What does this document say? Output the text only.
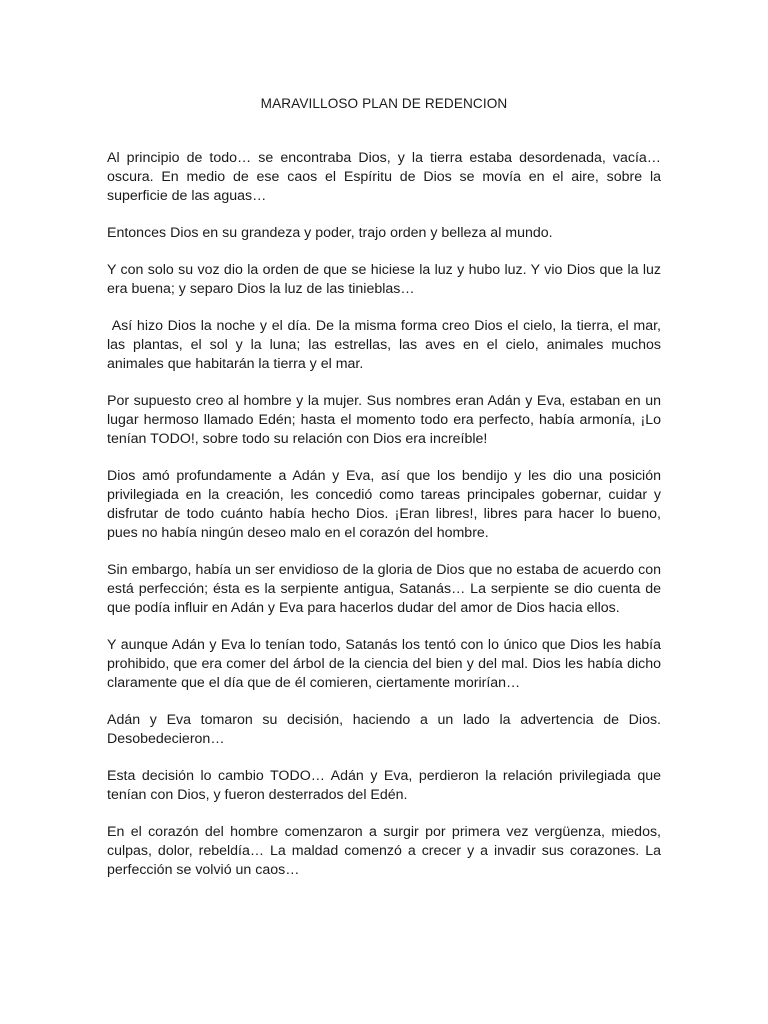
MARAVILLOSO PLAN DE REDENCION

Al principio de todo… se encontraba Dios, y la tierra estaba desordenada, vacía… oscura. En medio de ese caos el Espíritu de Dios se movía en el aire, sobre la superficie de las aguas…

Entonces Dios en su grandeza y poder, trajo orden y belleza al mundo.

Y con solo su voz dio la orden de que se hiciese la luz y hubo luz. Y vio Dios que la luz era buena; y separo Dios la luz de las tinieblas…

Así hizo Dios la noche y el día. De la misma forma creo Dios el cielo, la tierra, el mar, las plantas, el sol y la luna; las estrellas, las aves en el cielo, animales muchos animales que habitarán la tierra y el mar.

Por supuesto creo al hombre y la mujer. Sus nombres eran Adán y Eva, estaban en un lugar hermoso llamado Edén; hasta el momento todo era perfecto, había armonía, ¡Lo tenían TODO!, sobre todo su relación con Dios era increíble!

Dios amó profundamente a Adán y Eva, así que los bendijo y les dio una posición privilegiada en la creación, les concedió como tareas principales gobernar, cuidar y disfrutar de todo cuánto había hecho Dios. ¡Eran libres!, libres para hacer lo bueno, pues no había ningún deseo malo en el corazón del hombre.

Sin embargo, había un ser envidioso de la gloria de Dios que no estaba de acuerdo con está perfección; ésta es la serpiente antigua, Satanás… La serpiente se dio cuenta de que podía influir en Adán y Eva para hacerlos dudar del amor de Dios hacia ellos.

Y aunque Adán y Eva lo tenían todo, Satanás los tentó con lo único que Dios les había prohibido, que era comer del árbol de la ciencia del bien y del mal. Dios les había dicho claramente que el día que de él comieren, ciertamente morirían…

Adán y Eva tomaron su decisión, haciendo a un lado la advertencia de Dios. Desobedecieron…

Esta decisión lo cambio TODO… Adán y Eva, perdieron la relación privilegiada que tenían con Dios, y fueron desterrados del Edén.

En el corazón del hombre comenzaron a surgir por primera vez vergüenza, miedos, culpas, dolor, rebeldía… La maldad comenzó a crecer y a invadir sus corazones. La perfección se volvió un caos…
